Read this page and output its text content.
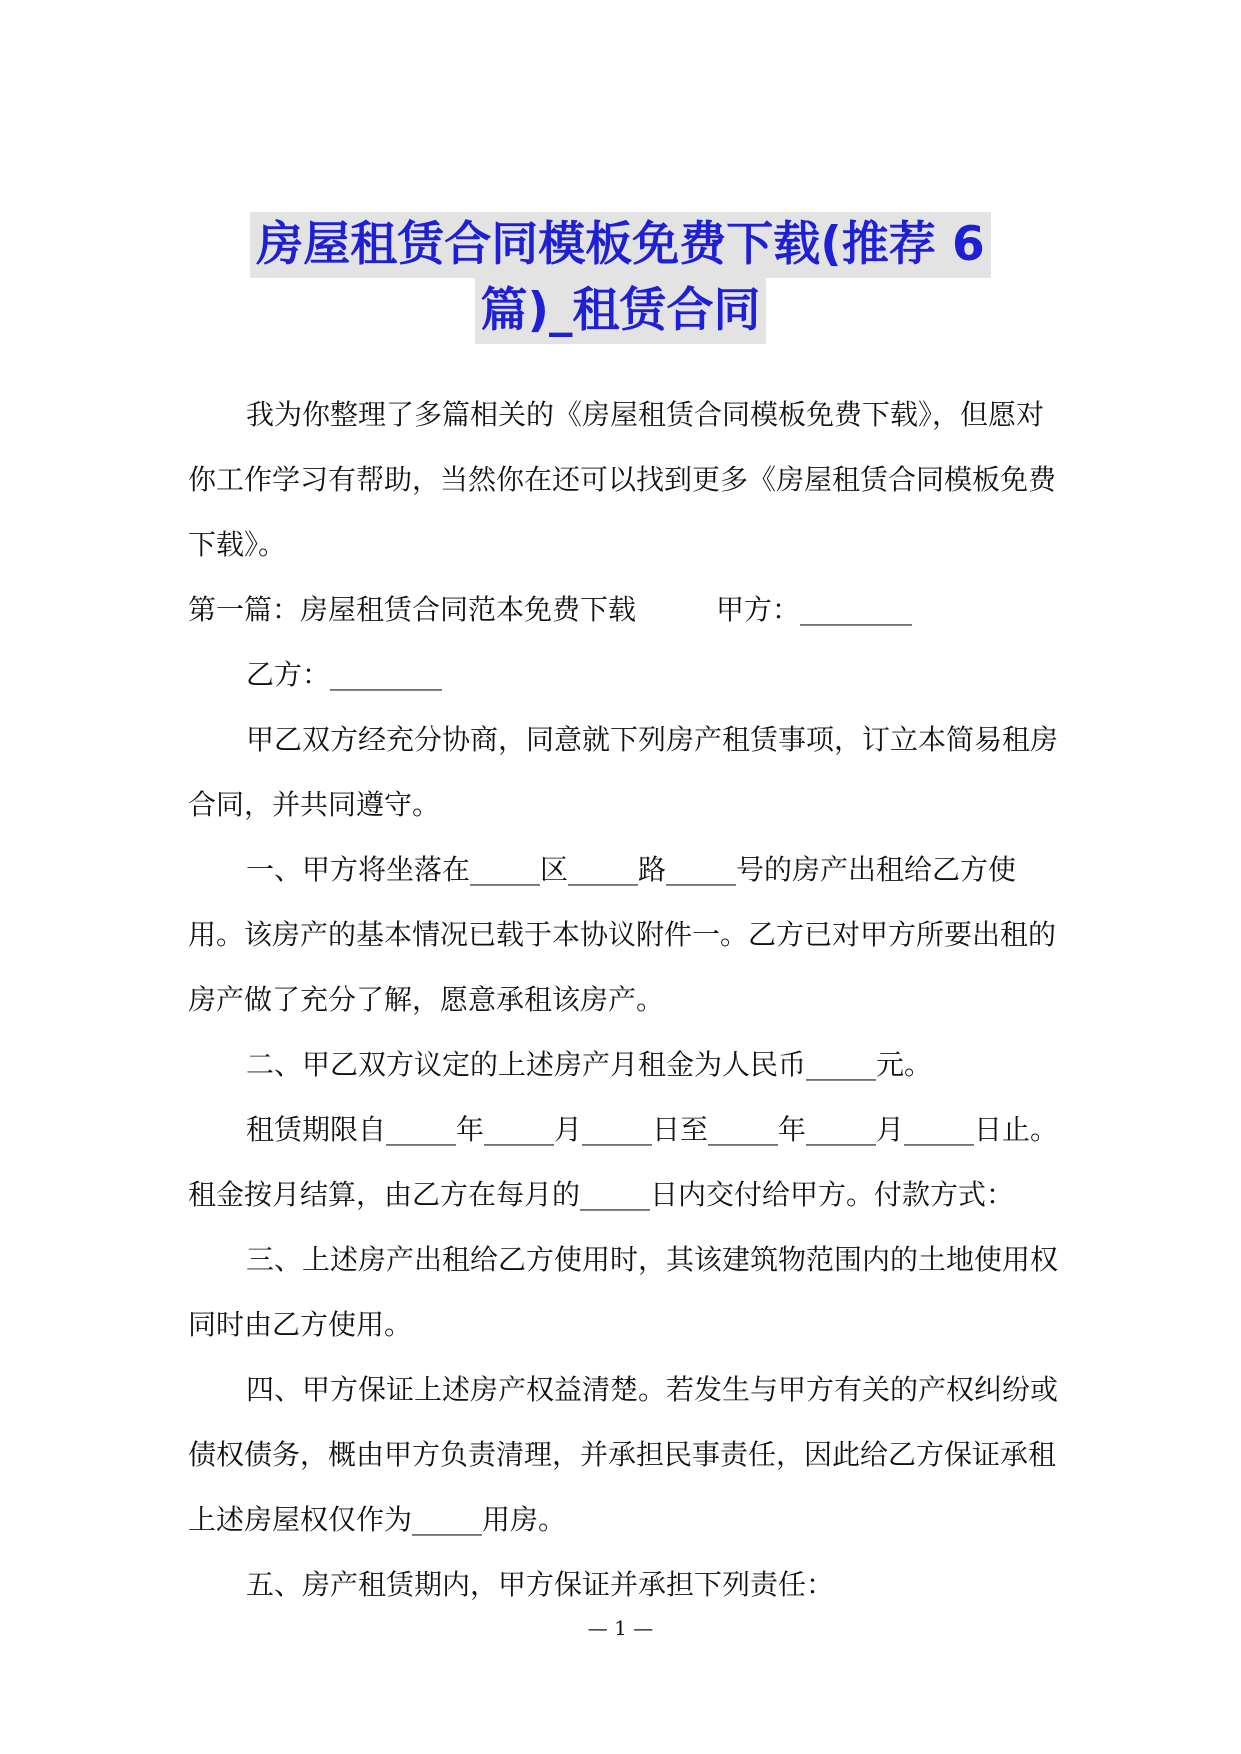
房屋租赁合同模板免费下载(推荐 6
篇)_租赁合同

我为你整理了多篇相关的《房屋租赁合同模板免费下载》，但愿对你工作学习有帮助，当然你在还可以找到更多《房屋租赁合同模板免费下载》。

第一篇：房屋租赁合同范本免费下载	甲方：________

乙方：________

甲乙双方经充分协商，同意就下列房产租赁事项，订立本简易租房合同，并共同遵守。

一、甲方将坐落在_____区_____路_____号的房产出租给乙方使用。该房产的基本情况已载于本协议附件一。乙方已对甲方所要出租的房产做了充分了解，愿意承租该房产。

二、甲乙双方议定的上述房产月租金为人民币_____元。

租赁期限自_____年_____月_____日至_____年_____月_____日止。租金按月结算，由乙方在每月的_____日内交付给甲方。付款方式：

三、上述房产出租给乙方使用时，其该建筑物范围内的土地使用权同时由乙方使用。

四、甲方保证上述房产权益清楚。若发生与甲方有关的产权纠纷或债权债务，概由甲方负责清理，并承担民事责任，因此给乙方保证承租上述房屋权仅作为_____用房。

五、房产租赁期内，甲方保证并承担下列责任：

— 1 —
